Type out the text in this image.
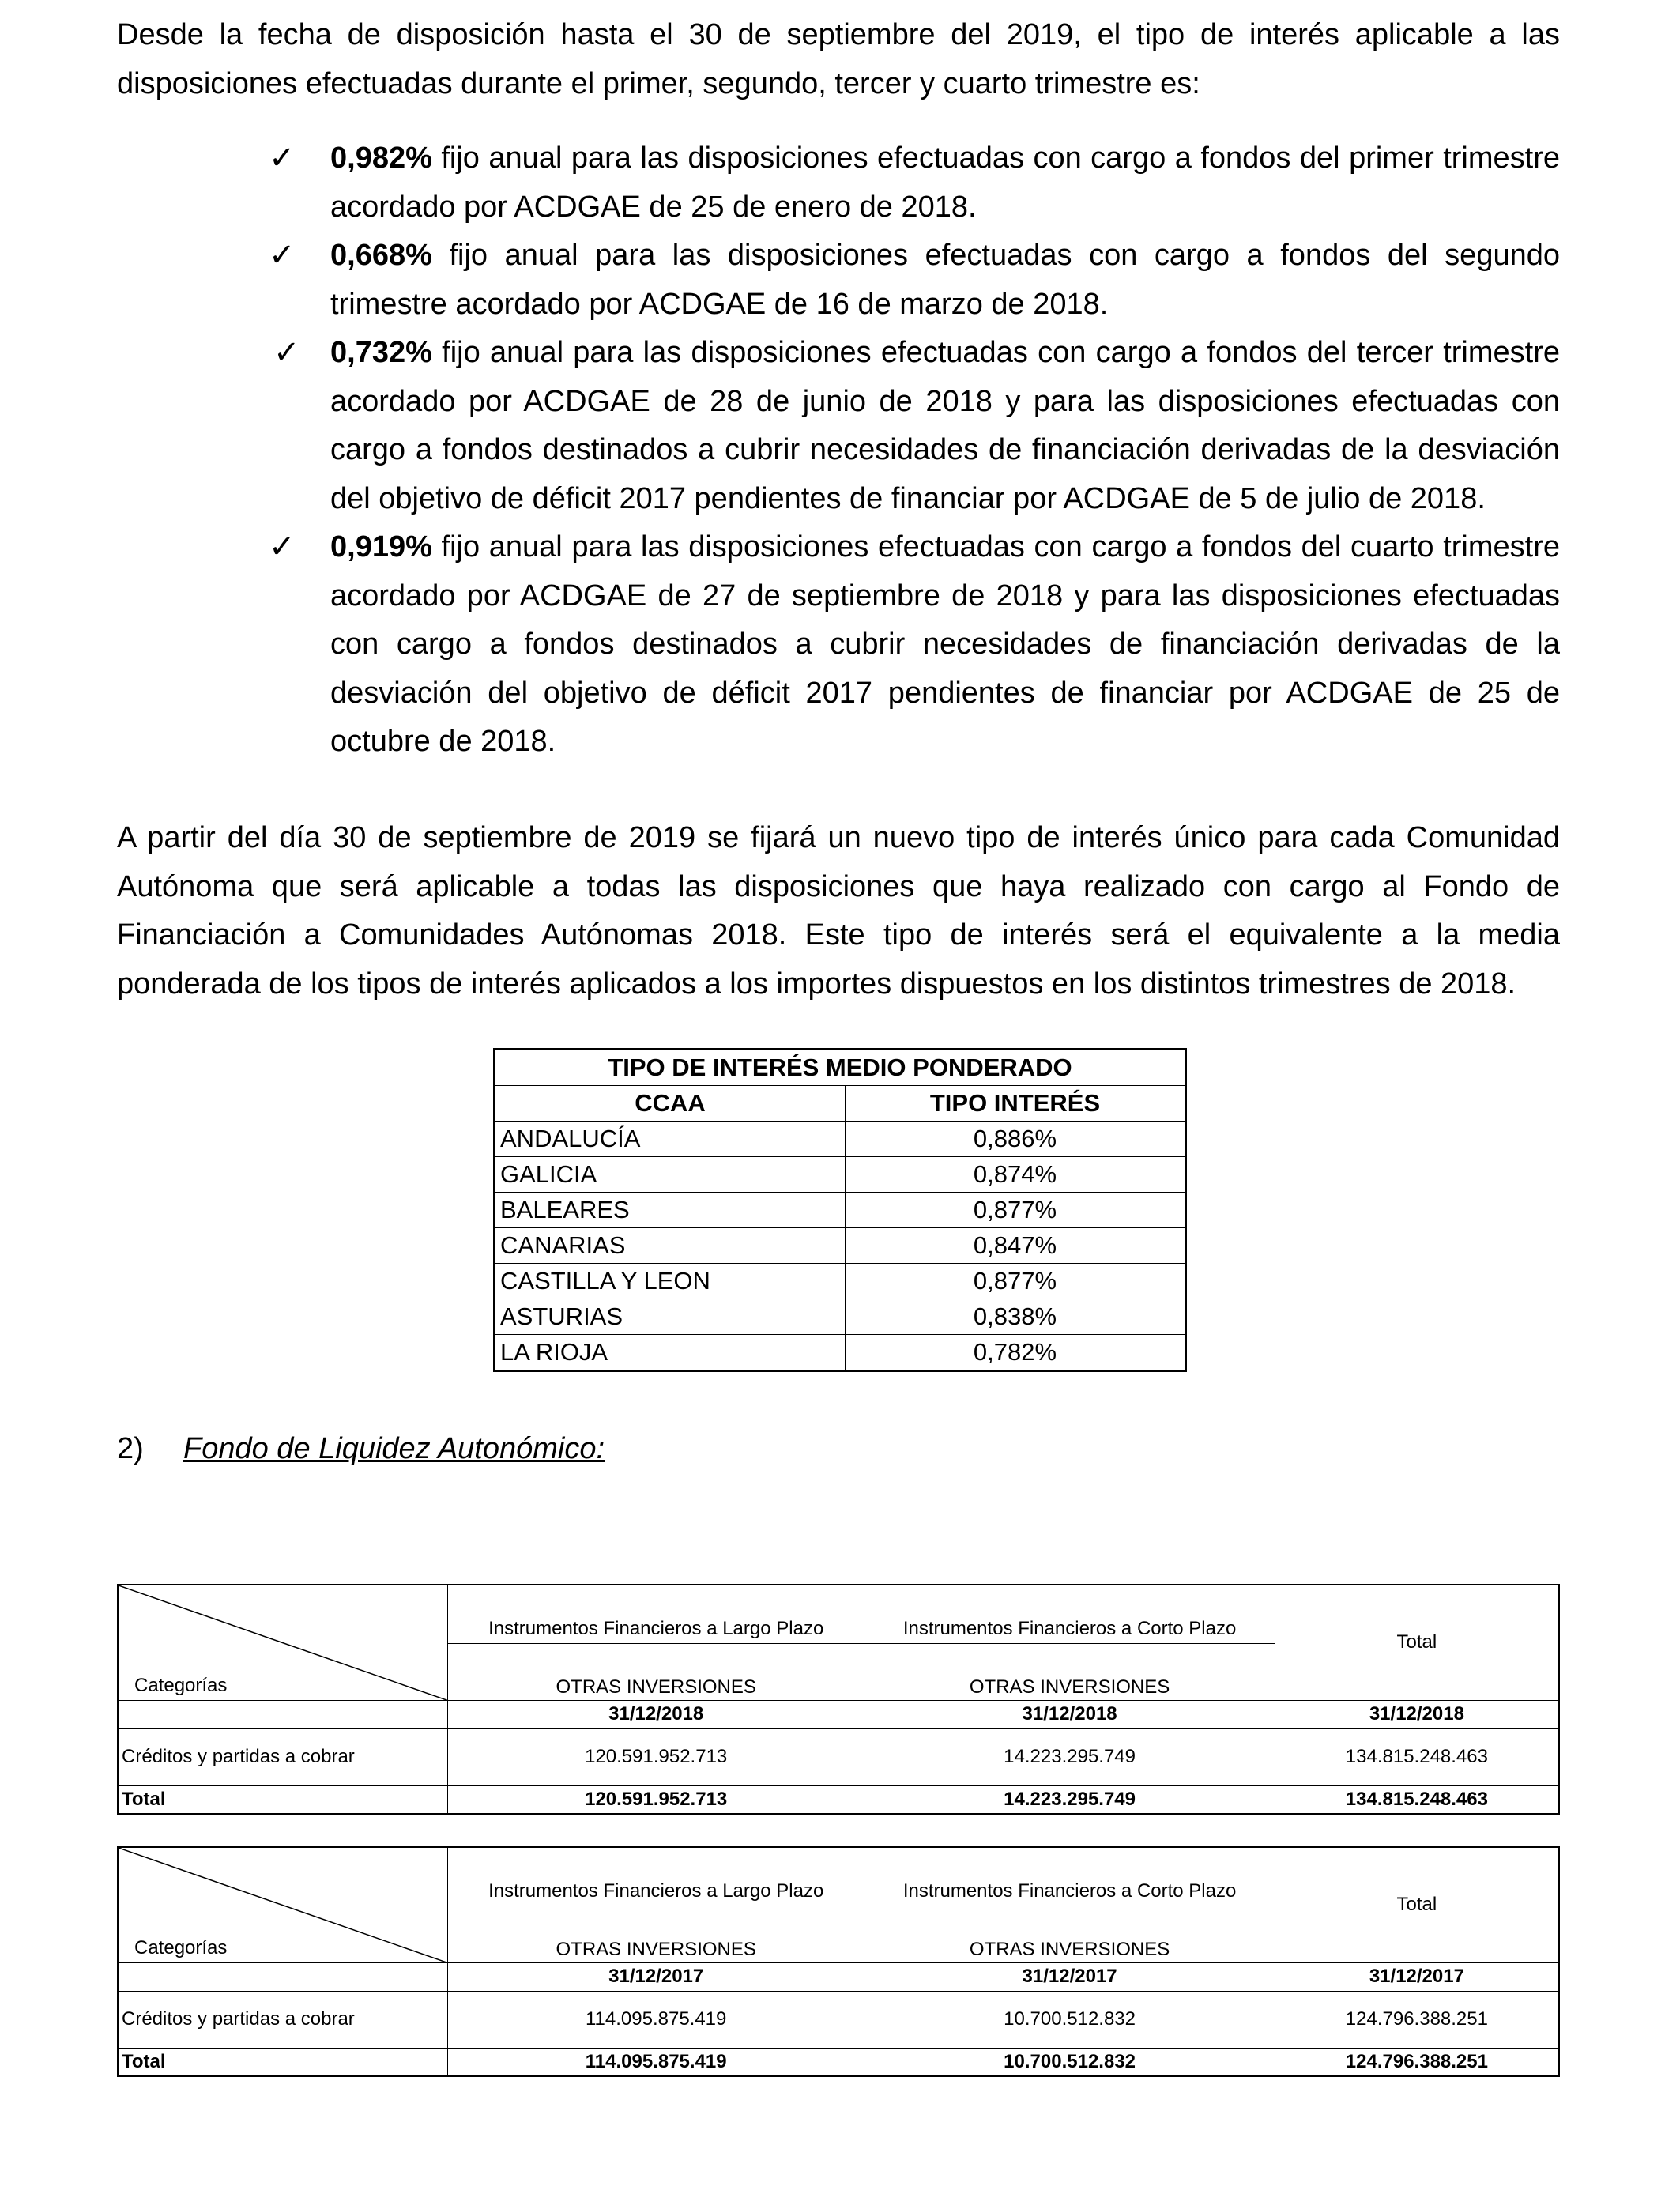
Desde la fecha de disposición hasta el 30 de septiembre del 2019, el tipo de interés aplicable a las disposiciones efectuadas durante el primer, segundo, tercer y cuarto trimestre es:

✓ 0,982% fijo anual para las disposiciones efectuadas con cargo a fondos del primer trimestre acordado por ACDGAE de 25 de enero de 2018.

✓ 0,668% fijo anual para las disposiciones efectuadas con cargo a fondos del segundo trimestre acordado por ACDGAE de 16 de marzo de 2018.

✓ 0,732% fijo anual para las disposiciones efectuadas con cargo a fondos del tercer trimestre acordado por ACDGAE de 28 de junio de 2018 y para las disposiciones efectuadas con cargo a fondos destinados a cubrir necesidades de financiación derivadas de la desviación del objetivo de déficit 2017 pendientes de financiar por ACDGAE de 5 de julio de 2018.

✓ 0,919% fijo anual para las disposiciones efectuadas con cargo a fondos del cuarto trimestre acordado por ACDGAE de 27 de septiembre de 2018 y para las disposiciones efectuadas con cargo a fondos destinados a cubrir necesidades de financiación derivadas de la desviación del objetivo de déficit 2017 pendientes de financiar por ACDGAE de 25 de octubre de 2018.

A partir del día 30 de septiembre de 2019 se fijará un nuevo tipo de interés único para cada Comunidad Autónoma que será aplicable a todas las disposiciones que haya realizado con cargo al Fondo de Financiación a Comunidades Autónomas 2018. Este tipo de interés será el equivalente a la media ponderada de los tipos de interés aplicados a los importes dispuestos en los distintos trimestres de 2018.

TIPO DE INTERÉS MEDIO PONDERADO	
CCAA	TIPO INTERÉS
ANDALUCÍA	0,886%
GALICIA	0,874%
BALEARES	0,877%
CANARIAS	0,847%
CASTILLA Y LEON	0,877%
ASTURIAS	0,838%
LA RIOJA	0,782%
2) Fondo de Liquidez Autonómico:
Categorías	Instrumentos Financieros a Largo Plazo	Instrumentos Financieros a Corto Plazo	Total
	OTRAS INVERSIONES	OTRAS INVERSIONES	
	31/12/2018	31/12/2018	31/12/2018
Créditos y partidas a cobrar	120.591.952.713	14.223.295.749	134.815.248.463
Total	120.591.952.713	14.223.295.749	134.815.248.463
Categorías	Instrumentos Financieros a Largo Plazo	Instrumentos Financieros a Corto Plazo	Total
	OTRAS INVERSIONES	OTRAS INVERSIONES	
	31/12/2017	31/12/2017	31/12/2017
Créditos y partidas a cobrar	114.095.875.419	10.700.512.832	124.796.388.251
Total	114.095.875.419	10.700.512.832	124.796.388.251
